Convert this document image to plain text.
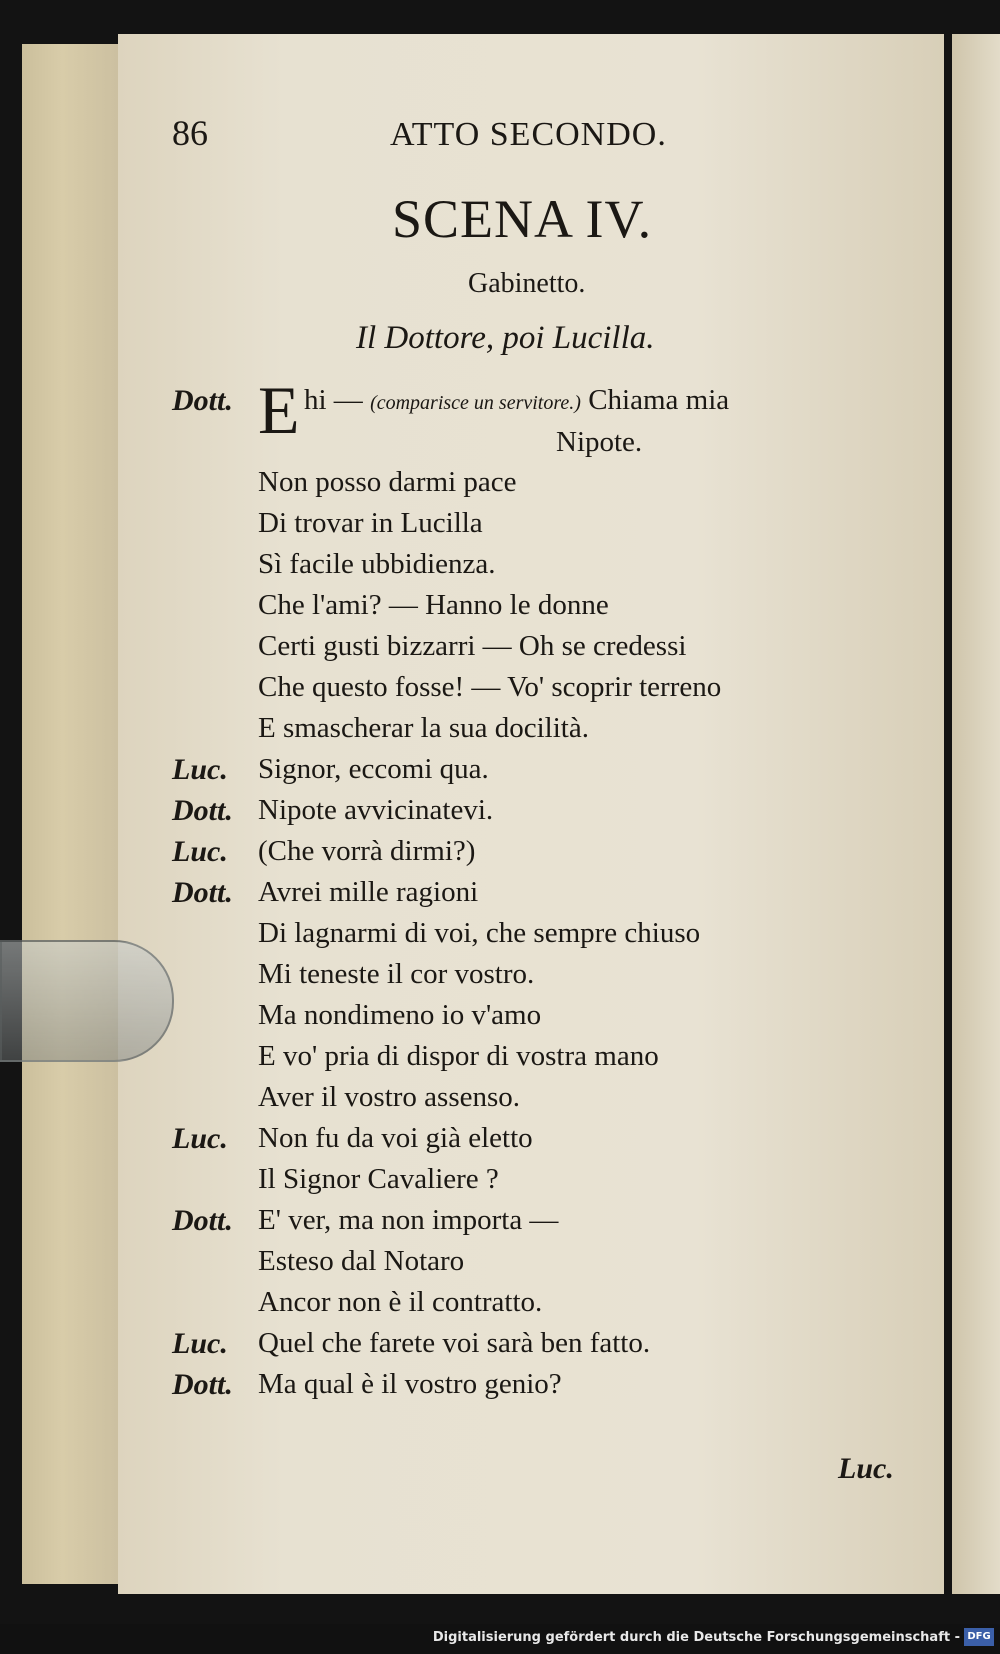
86	ATTO SECONDO.
SCENA IV.
Gabinetto.
Il Dottore, poi Lucilla.
Dott. E hi — (comparisce un servitore.) Chiama mia
Nipote.
Non posso darmi pace
Di trovar in Lucilla
Sì facile ubbidienza.
Che l'ami? — Hanno le donne
Certi gusti bizzarri — Oh se credessi
Che questo fosse! — Vo' scoprir terreno
E smascherar la sua docilità.
Luc. Signor, eccomi qua.
Dott. Nipote avvicinatevi.
Luc. (Che vorrà dirmi?)
Dott. Avrei mille ragioni
Di lagnarmi di voi, che sempre chiuso
Mi teneste il cor vostro.
Ma nondimeno io v'amo
E vo' pria di dispor di vostra mano
Aver il vostro assenso.
Luc. Non fu da voi già eletto
Il Signor Cavaliere ?
Dott. E' ver, ma non importa —
Esteso dal Notaro
Ancor non è il contratto.
Luc. Quel che farete voi sarà ben fatto.
Dott. Ma qual è il vostro genio?
Luc.
Digitalisierung gefördert durch die Deutsche Forschungsgemeinschaft - DFG
